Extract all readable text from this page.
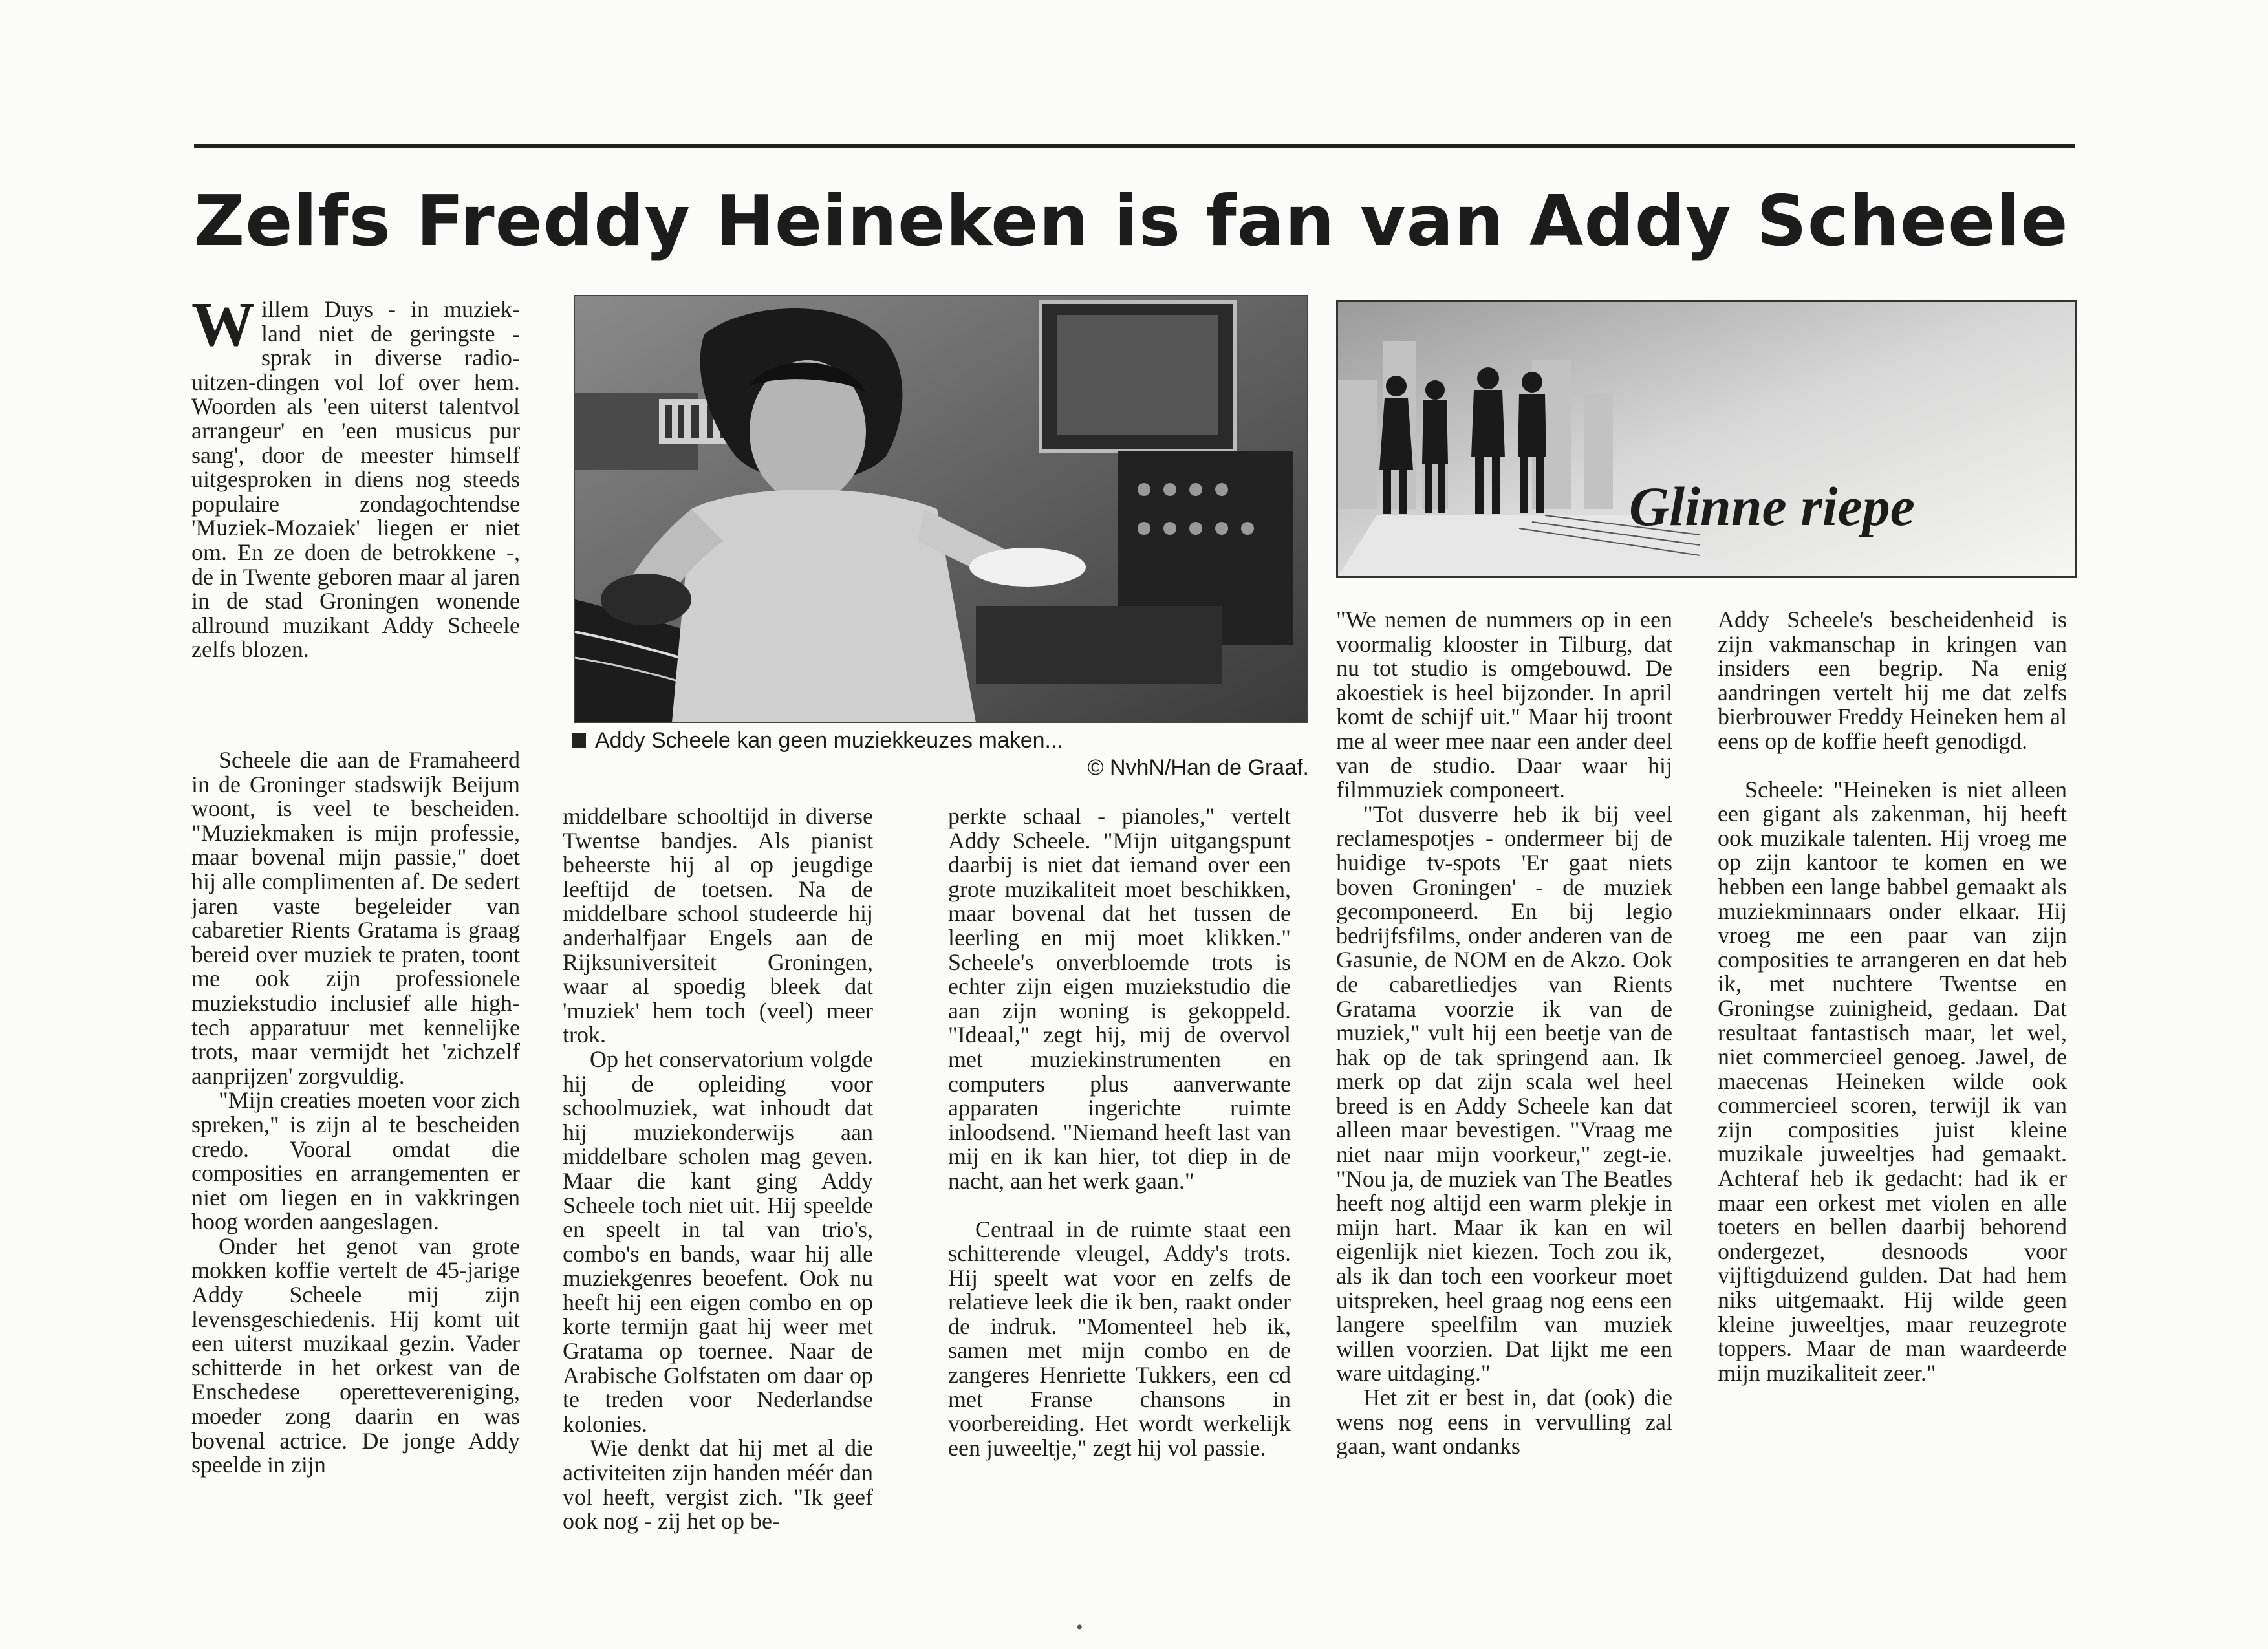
Zelfs Freddy Heineken is fan van Addy Scheele

Willem Duys - in muziek-land niet de geringste - sprak in diverse radio-uitzen-dingen vol lof over hem. Woorden als 'een uiterst talentvol arrangeur' en 'een musicus pur sang', door de meester himself uitgesproken in diens nog steeds populaire zondagochtendse 'Muziek-Mozaiek' liegen er niet om. En ze doen de betrokkene -, de in Twente geboren maar al jaren in de stad Groningen wonende allround muzikant Addy Scheele zelfs blozen.

Addy Scheele kan geen muziekkeuzes maken...
© NvhN/Han de Graaf.

Glinne riepe

Scheele die aan de Framaheerd in de Groninger stadswijk Beijum woont, is veel te bescheiden. "Muziekmaken is mijn professie, maar bovenal mijn passie," doet hij alle complimenten af. De sedert jaren vaste begeleider van cabaretier Rients Gratama is graag bereid over muziek te praten, toont me ook zijn professionele muziekstudio inclusief alle high-tech apparatuur met kennelijke trots, maar vermijdt het 'zichzelf aanprijzen' zorgvuldig.

"Mijn creaties moeten voor zich spreken," is zijn al te bescheiden credo. Vooral omdat die composities en arrangementen er niet om liegen en in vakkringen hoog worden aangeslagen.

Onder het genot van grote mokken koffie vertelt de 45-jarige Addy Scheele mij zijn levensgeschiedenis. Hij komt uit een uiterst muzikaal gezin. Vader schitterde in het orkest van de Enschedese operettevereniging, moeder zong daarin en was bovenal actrice. De jonge Addy speelde in zijn

middelbare schooltijd in diverse Twentse bandjes. Als pianist beheerste hij al op jeugdige leeftijd de toetsen. Na de middelbare school studeerde hij anderhalfjaar Engels aan de Rijksuniversiteit Groningen, waar al spoedig bleek dat 'muziek' hem toch (veel) meer trok.

Op het conservatorium volgde hij de opleiding voor schoolmuziek, wat inhoudt dat hij muziekonderwijs aan middelbare scholen mag geven. Maar die kant ging Addy Scheele toch niet uit. Hij speelde en speelt in tal van trio's, combo's en bands, waar hij alle muziekgenres beoefent. Ook nu heeft hij een eigen combo en op korte termijn gaat hij weer met Gratama op toernee. Naar de Arabische Golfstaten om daar op te treden voor Nederlandse kolonies.

Wie denkt dat hij met al die activiteiten zijn handen méér dan vol heeft, vergist zich. "Ik geef ook nog - zij het op be-

perkte schaal - pianoles," vertelt Addy Scheele. "Mijn uitgangspunt daarbij is niet dat iemand over een grote muzikaliteit moet beschikken, maar bovenal dat het tussen de leerling en mij moet klikken." Scheele's onverbloemde trots is echter zijn eigen muziekstudio die aan zijn woning is gekoppeld. "Ideaal," zegt hij, mij de overvol met muziekinstrumenten en computers plus aanverwante apparaten ingerichte ruimte inloodsend. "Niemand heeft last van mij en ik kan hier, tot diep in de nacht, aan het werk gaan."

Centraal in de ruimte staat een schitterende vleugel, Addy's trots. Hij speelt wat voor en zelfs de relatieve leek die ik ben, raakt onder de indruk. "Momenteel heb ik, samen met mijn combo en de zangeres Henriette Tukkers, een cd met Franse chansons in voorbereiding. Het wordt werkelijk een juweeltje," zegt hij vol passie.

"We nemen de nummers op in een voormalig klooster in Tilburg, dat nu tot studio is omgebouwd. De akoestiek is heel bijzonder. In april komt de schijf uit." Maar hij troont me al weer mee naar een ander deel van de studio. Daar waar hij filmmuziek componeert.

"Tot dusverre heb ik bij veel reclamespotjes - ondermeer bij de huidige tv-spots 'Er gaat niets boven Groningen' - de muziek gecomponeerd. En bij legio bedrijfsfilms, onder anderen van de Gasunie, de NOM en de Akzo. Ook de cabaretliedjes van Rients Gratama voorzie ik van de muziek," vult hij een beetje van de hak op de tak springend aan. Ik merk op dat zijn scala wel heel breed is en Addy Scheele kan dat alleen maar bevestigen. "Vraag me niet naar mijn voorkeur," zegt-ie. "Nou ja, de muziek van The Beatles heeft nog altijd een warm plekje in mijn hart. Maar ik kan en wil eigenlijk niet kiezen. Toch zou ik, als ik dan toch een voorkeur moet uitspreken, heel graag nog eens een langere speelfilm van muziek willen voorzien. Dat lijkt me een ware uitdaging."

Het zit er best in, dat (ook) die wens nog eens in vervulling zal gaan, want ondanks

Addy Scheele's bescheidenheid is zijn vakmanschap in kringen van insiders een begrip. Na enig aandringen vertelt hij me dat zelfs bierbrouwer Freddy Heineken hem al eens op de koffie heeft genodigd.

Scheele: "Heineken is niet alleen een gigant als zakenman, hij heeft ook muzikale talenten. Hij vroeg me op zijn kantoor te komen en we hebben een lange babbel gemaakt als muziekminnaars onder elkaar. Hij vroeg me een paar van zijn composities te arrangeren en dat heb ik, met nuchtere Twentse en Groningse zuinigheid, gedaan. Dat resultaat fantastisch maar, let wel, niet commercieel genoeg. Jawel, de maecenas Heineken wilde ook commercieel scoren, terwijl ik van zijn composities juist kleine muzikale juweeltjes had gemaakt. Achteraf heb ik gedacht: had ik er maar een orkest met violen en alle toeters en bellen daarbij behorend ondergezet, desnoods voor vijftigduizend gulden. Dat had hem niks uitgemaakt. Hij wilde geen kleine juweeltjes, maar reuzegrote toppers. Maar de man waardeerde mijn muzikaliteit zeer."

•
